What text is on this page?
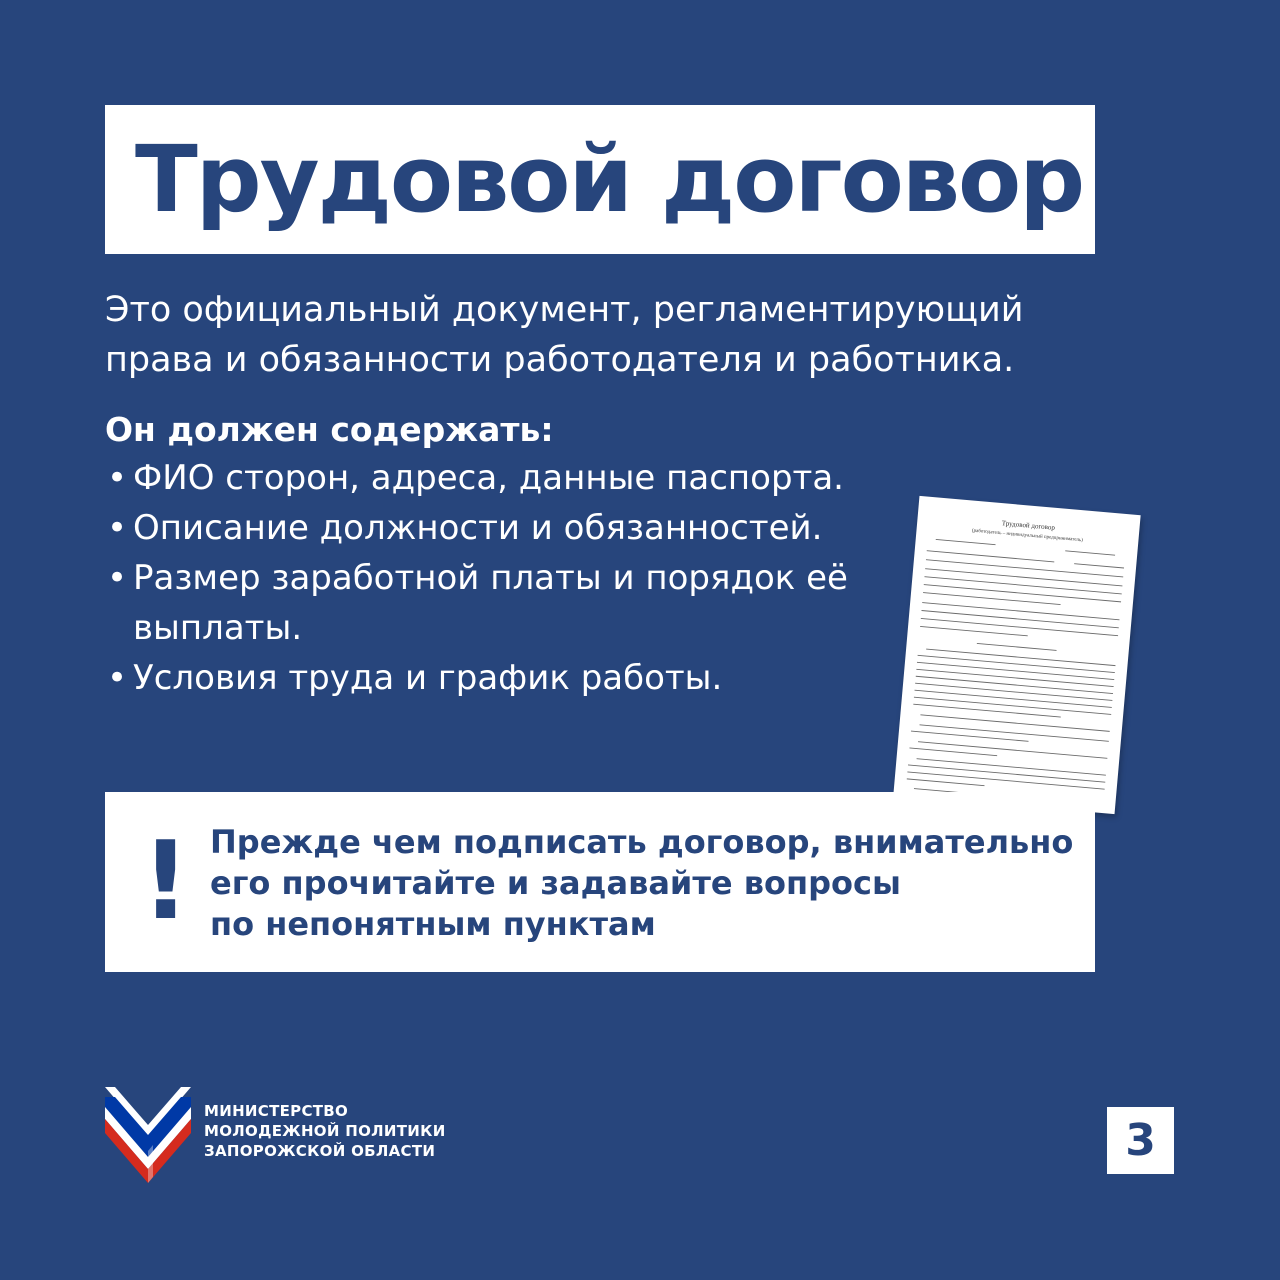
Трудовой договор
Это официальный документ, регламентирующий
права и обязанности работодателя и работника.
Он должен содержать:
• ФИО сторон, адреса, данные паспорта.
• Описание должности и обязанностей.
• Размер заработной платы и порядок её выплаты.
• Условия труда и график работы.
Трудовой договор
(работодатель – индивидуальный предприниматель)
! Прежде чем подписать договор, внимательно
его прочитайте и задавайте вопросы
по непонятным пунктам
МИНИСТЕРСТВО
МОЛОДЕЖНОЙ ПОЛИТИКИ
ЗАПОРОЖСКОЙ ОБЛАСТИ	3
